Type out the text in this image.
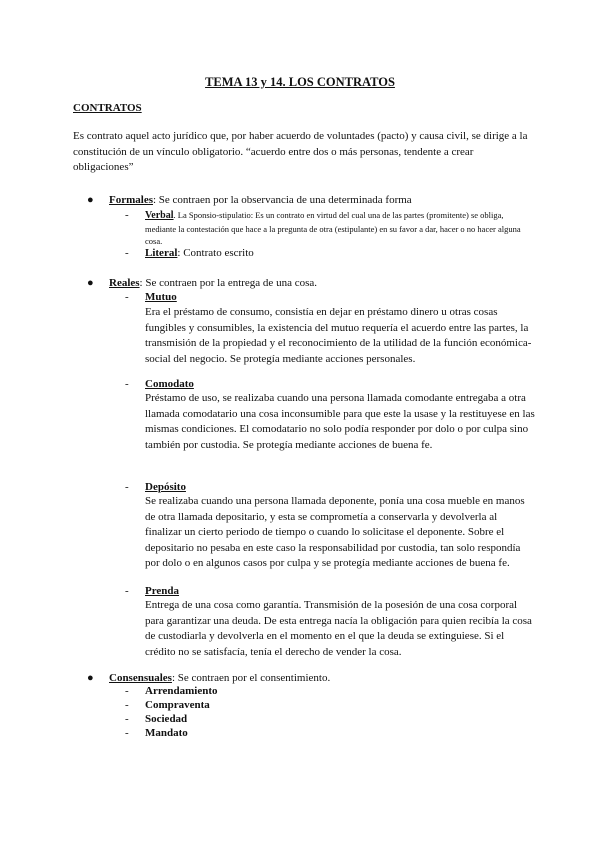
TEMA 13 y 14. LOS CONTRATOS
CONTRATOS
Es contrato aquel acto jurídico que, por haber acuerdo de voluntades (pacto) y causa civil, se dirige a la constitución de un vínculo obligatorio. “acuerdo entre dos o más personas, tendente a crear obligaciones”
● Formales: Se contraen por la observancia de una determinada forma
- Verbal. La Sponsio-stipulatio: Es un contrato en virtud del cual una de las partes (promitente) se obliga, mediante la contestación que hace a la pregunta de otra (estipulante) en su favor a dar, hacer o no hacer alguna cosa.
- Literal: Contrato escrito
● Reales: Se contraen por la entrega de una cosa.
- Mutuo
Era el préstamo de consumo, consistía en dejar en préstamo dinero u otras cosas fungibles y consumibles, la existencia del mutuo requería el acuerdo entre las partes, la transmisión de la propiedad y el reconocimiento de la utilidad de la función económica-social del negocio. Se protegía mediante acciones personales.
- Comodato
Préstamo de uso, se realizaba cuando una persona llamada comodante entregaba a otra llamada comodatario una cosa inconsumible para que este la usase y la restituyese en las mismas condiciones. El comodatario no solo podía responder por dolo o por culpa sino también por custodia. Se protegía mediante acciones de buena fe.
- Depósito
Se realizaba cuando una persona llamada deponente, ponía una cosa mueble en manos de otra llamada depositario, y esta se comprometía a conservarla y devolverla al finalizar un cierto periodo de tiempo o cuando lo solicitase el deponente. Sobre el depositario no pesaba en este caso la responsabilidad por custodia, tan solo respondía por dolo o en algunos casos por culpa y se protegía mediante acciones de buena fe.
- Prenda
Entrega de una cosa como garantía. Transmisión de la posesión de una cosa corporal para garantizar una deuda. De esta entrega nacía la obligación para quien recibía la cosa de custodiarla y devolverla en el momento en el que la deuda se extinguiese. Si el crédito no se satisfacía, tenía el derecho de vender la cosa.
● Consensuales: Se contraen por el consentimiento.
- Arrendamiento
- Compraventa
- Sociedad
- Mandato
